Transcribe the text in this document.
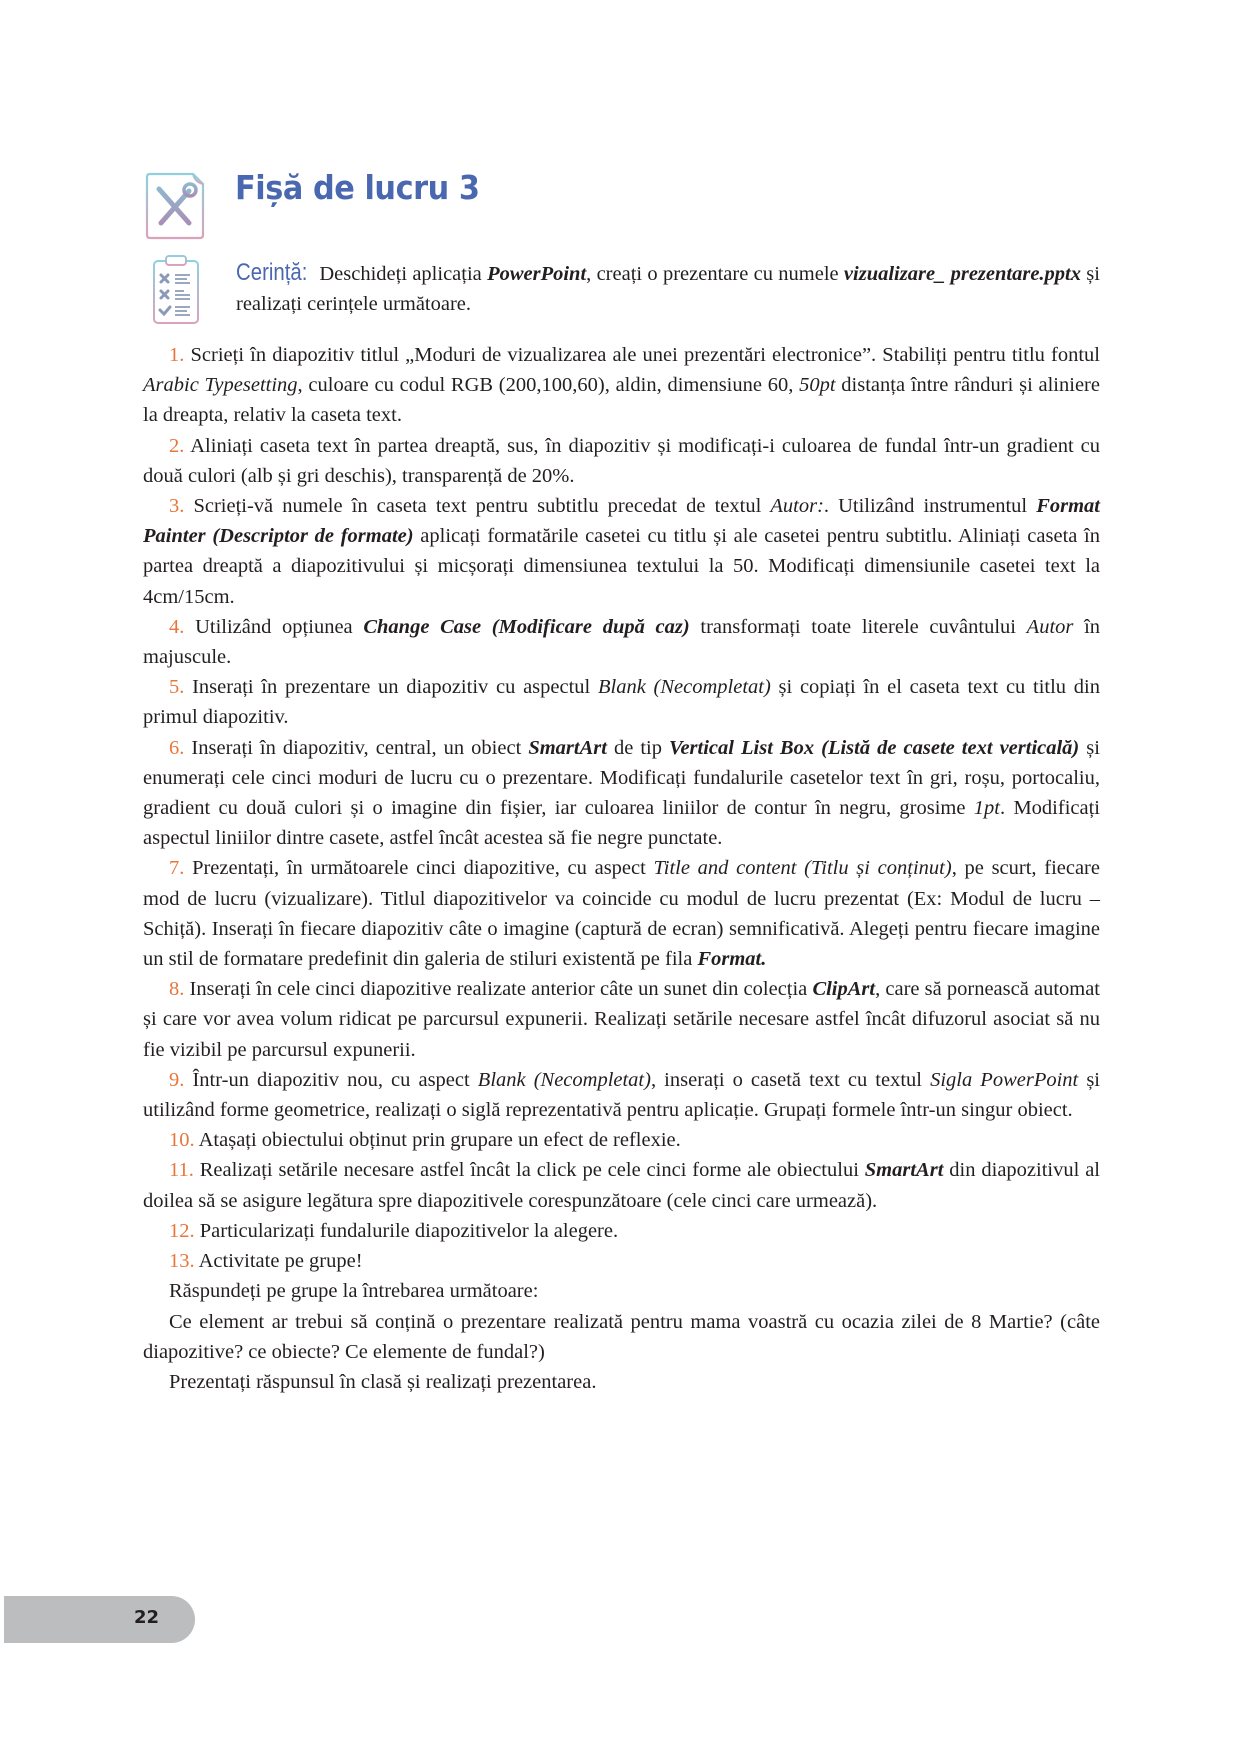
Fișă de lucru 3

Cerință: Deschideți aplicația PowerPoint, creați o prezentare cu numele vizualizare_ prezentare.pptx și realizați cerințele următoare.

1. Scrieți în diapozitiv titlul „Moduri de vizualizarea ale unei prezentări electronice”. Stabiliți pentru titlu fontul Arabic Typesetting, culoare cu codul RGB (200,100,60), aldin, dimensiune 60, 50pt distanța între rânduri și aliniere la dreapta, relativ la caseta text.

2. Aliniați caseta text în partea dreaptă, sus, în diapozitiv și modificați-i culoarea de fundal într-un gradient cu două culori (alb și gri deschis), transparență de 20%.

3. Scrieți-vă numele în caseta text pentru subtitlu precedat de textul Autor:. Utilizând instrumentul Format Painter (Descriptor de formate) aplicați formatările casetei cu titlu și ale casetei pentru subtitlu. Aliniați caseta în partea dreaptă a diapozitivului și micșorați dimensiunea textului la 50. Modificați dimensiunile casetei text la 4cm/15cm.

4. Utilizând opțiunea Change Case (Modificare după caz) transformați toate literele cuvântului Autor în majuscule.

5. Inserați în prezentare un diapozitiv cu aspectul Blank (Necompletat) și copiați în el caseta text cu titlu din primul diapozitiv.

6. Inserați în diapozitiv, central, un obiect SmartArt de tip Vertical List Box (Listă de casete text verticală) și enumerați cele cinci moduri de lucru cu o prezentare. Modificați fundalurile casetelor text în gri, roșu, portocaliu, gradient cu două culori și o imagine din fișier, iar culoarea liniilor de contur în negru, grosime 1pt. Modificați aspectul liniilor dintre casete, astfel încât acestea să fie negre punctate.

7. Prezentați, în următoarele cinci diapozitive, cu aspect Title and content (Titlu și conținut), pe scurt, fiecare mod de lucru (vizualizare). Titlul diapozitivelor va coincide cu modul de lucru prezentat (Ex: Modul de lucru – Schiță). Inserați în fiecare diapozitiv câte o imagine (captură de ecran) semnificativă. Alegeți pentru fiecare imagine un stil de formatare predefinit din galeria de stiluri existentă pe fila Format.

8. Inserați în cele cinci diapozitive realizate anterior câte un sunet din colecția ClipArt, care să pornească automat și care vor avea volum ridicat pe parcursul expunerii. Realizați setările necesare astfel încât difuzorul asociat să nu fie vizibil pe parcursul expunerii.

9. Într-un diapozitiv nou, cu aspect Blank (Necompletat), inserați o casetă text cu textul Sigla PowerPoint și utilizând forme geometrice, realizați o siglă reprezentativă pentru aplicație. Grupați formele într-un singur obiect.

10. Atașați obiectului obținut prin grupare un efect de reflexie.

11. Realizați setările necesare astfel încât la click pe cele cinci forme ale obiectului SmartArt din diapozitivul al doilea să se asigure legătura spre diapozitivele corespunzătoare (cele cinci care urmează).

12. Particularizați fundalurile diapozitivelor la alegere.

13. Activitate pe grupe!

Răspundeți pe grupe la întrebarea următoare:

Ce element ar trebui să conțină o prezentare realizată pentru mama voastră cu ocazia zilei de 8 Martie? (câte diapozitive? ce obiecte? Ce elemente de fundal?)

Prezentați răspunsul în clasă și realizați prezentarea.

22
